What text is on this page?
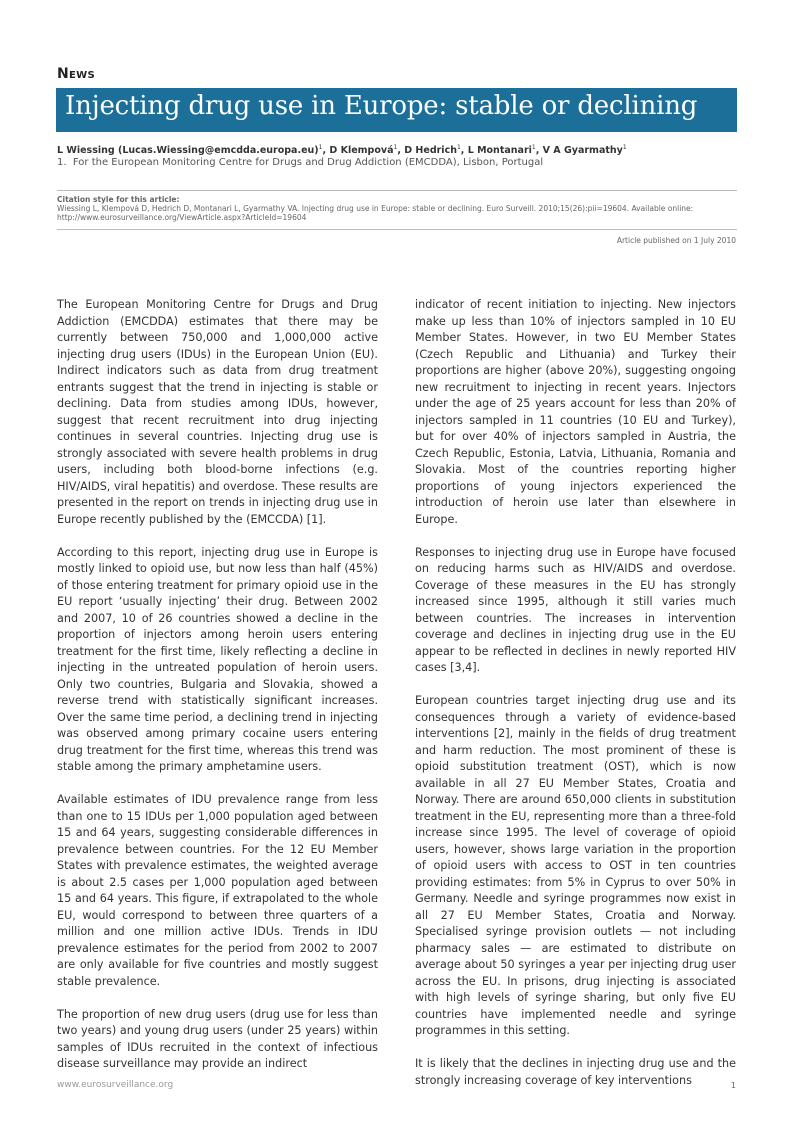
News
Injecting drug use in Europe: stable or declining
L Wiessing (Lucas.Wiessing@emcdda.europa.eu)$^1$, D Klempová$^1$, D Hedrich$^1$, L Montanari$^1$, V A Gyarmathy$^1$
1.  For the European Monitoring Centre for Drugs and Drug Addiction (EMCDDA), Lisbon, Portugal
Citation style for this article:
Wiessing L, Klempová D, Hedrich D, Montanari L, Gyarmathy VA. Injecting drug use in Europe: stable or declining. Euro Surveill. 2010;15(26):pii=19604. Available online: http://www.eurosurveillance.org/ViewArticle.aspx?ArticleId=19604
Article published on 1 July 2010

The European Monitoring Centre for Drugs and Drug Addiction (EMCDDA) estimates that there may be currently between 750,000 and 1,000,000 active injecting drug users (IDUs) in the European Union (EU). Indirect indicators such as data from drug treatment entrants suggest that the trend in injecting is stable or declining. Data from studies among IDUs, however, suggest that recent recruitment into drug injecting continues in several countries. Injecting drug use is strongly associated with severe health problems in drug users, including both blood-borne infections (e.g. HIV/AIDS, viral hepatitis) and overdose. These results are presented in the report on trends in injecting drug use in Europe recently published by the (EMCCDA) [1].

According to this report, injecting drug use in Europe is mostly linked to opioid use, but now less than half (45%) of those entering treatment for primary opioid use in the EU report ‘usually injecting’ their drug. Between 2002 and 2007, 10 of 26 countries showed a decline in the proportion of injectors among heroin users entering treatment for the first time, likely reflecting a decline in injecting in the untreated population of heroin users. Only two countries, Bulgaria and Slovakia, showed a reverse trend with statistically significant increases. Over the same time period, a declining trend in injecting was observed among primary cocaine users entering drug treatment for the first time, whereas this trend was stable among the primary amphetamine users.

Available estimates of IDU prevalence range from less than one to 15 IDUs per 1,000 population aged between 15 and 64 years, suggesting considerable differences in prevalence between countries. For the 12 EU Member States with prevalence estimates, the weighted average is about 2.5 cases per 1,000 population aged between 15 and 64 years. This figure, if extrapolated to the whole EU, would correspond to between three quarters of a million and one million active IDUs. Trends in IDU prevalence estimates for the period from 2002 to 2007 are only available for five countries and mostly suggest stable prevalence.

The proportion of new drug users (drug use for less than two years) and young drug users (under 25 years) within samples of IDUs recruited in the context of infectious disease surveillance may provide an indirect

indicator of recent initiation to injecting. New injectors make up less than 10% of injectors sampled in 10 EU Member States. However, in two EU Member States (Czech Republic and Lithuania) and Turkey their proportions are higher (above 20%), suggesting ongoing new recruitment to injecting in recent years. Injectors under the age of 25 years account for less than 20% of injectors sampled in 11 countries (10 EU and Turkey), but for over 40% of injectors sampled in Austria, the Czech Republic, Estonia, Latvia, Lithuania, Romania and Slovakia. Most of the countries reporting higher proportions of young injectors experienced the introduction of heroin use later than elsewhere in Europe.

Responses to injecting drug use in Europe have focused on reducing harms such as HIV/AIDS and overdose. Coverage of these measures in the EU has strongly increased since 1995, although it still varies much between countries. The increases in intervention coverage and declines in injecting drug use in the EU appear to be reflected in declines in newly reported HIV cases [3,4].

European countries target injecting drug use and its consequences through a variety of evidence-based interventions [2], mainly in the fields of drug treatment and harm reduction. The most prominent of these is opioid substitution treatment (OST), which is now available in all 27 EU Member States, Croatia and Norway. There are around 650,000 clients in substitution treatment in the EU, representing more than a three-fold increase since 1995. The level of coverage of opioid users, however, shows large variation in the proportion of opioid users with access to OST in ten countries providing estimates: from 5% in Cyprus to over 50% in Germany. Needle and syringe programmes now exist in all 27 EU Member States, Croatia and Norway. Specialised syringe provision outlets — not including pharmacy sales — are estimated to distribute on average about 50 syringes a year per injecting drug user across the EU. In prisons, drug injecting is associated with high levels of syringe sharing, but only five EU countries have implemented needle and syringe programmes in this setting.

It is likely that the declines in injecting drug use and the strongly increasing coverage of key interventions

www.eurosurveillance.org	1
